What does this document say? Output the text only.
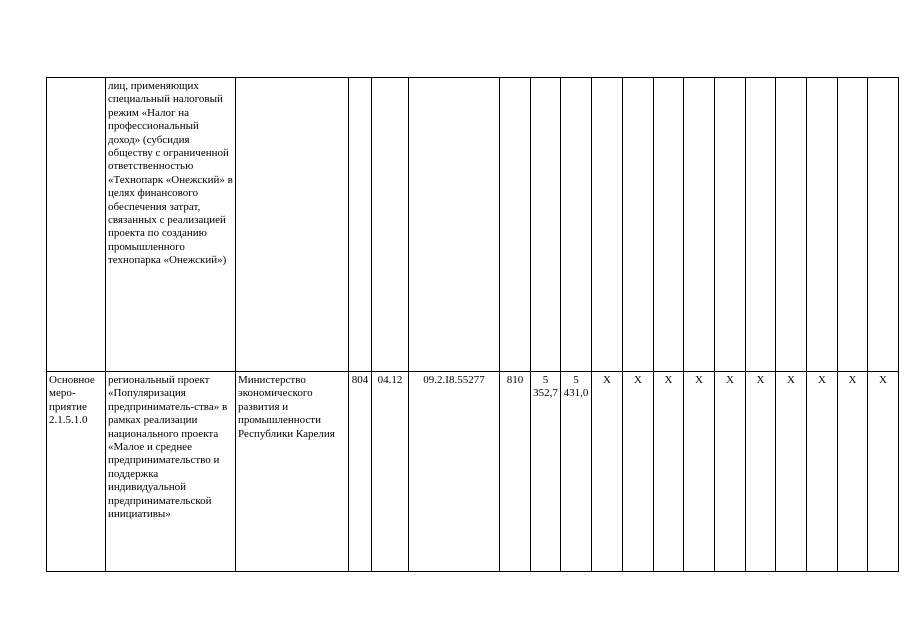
	лиц, применяющих специальный налоговый режим «Налог на профессиональный доход» (субсидия обществу с ограниченной ответственностью «Технопарк «Онежский» в целях финансового обеспечения затрат, связанных с реализацией проекта по созданию промышленного технопарка «Онежский»)																	
Основное меро-приятие 2.1.5.1.0	региональный проект «Популяризация предприниматель-ства» в рамках реализации национального проекта «Малое и среднее предпринимательство и поддержка индивидуальной предпринимательской инициативы»	Министерство экономического развития и промышленности Республики Карелия	804	04.12	09.2.I8.55277	810	5 352,7	5 431,0	X	X	X	X	X	X	X	X	X	X
